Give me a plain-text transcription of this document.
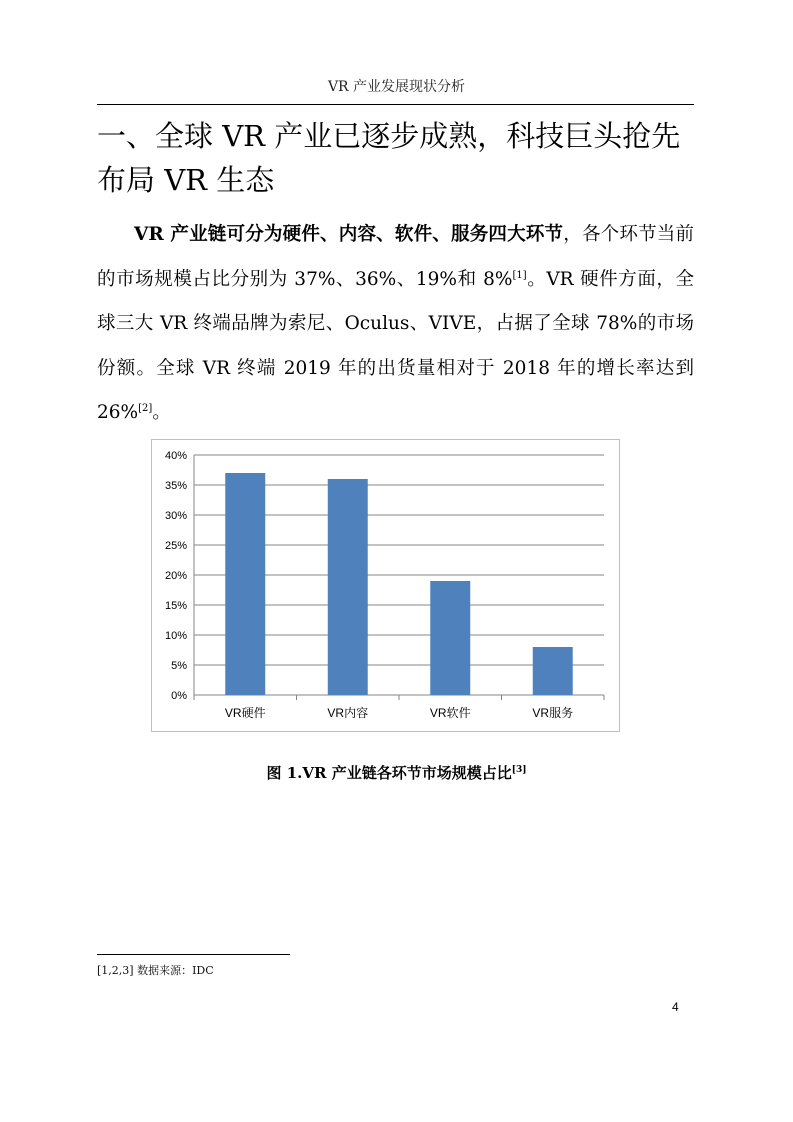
VR 产业发展现状分析
一、全球 VR 产业已逐步成熟，科技巨头抢先布局 VR 生态

VR 产业链可分为硬件、内容、软件、服务四大环节，各个环节当前的市场规模占比分别为 37%、36%、19%和 8%[1]。VR 硬件方面，全球三大 VR 终端品牌为索尼、Oculus、VIVE，占据了全球 78%的市场份额。全球 VR 终端 2019 年的出货量相对于 2018 年的增长率达到 26%[2]。

0%
5%
10%
15%
20%
25%
30%
35%
40%
VR硬件	VR内容	VR软件	VR服务
图 1.VR 产业链各环节市场规模占比[3]
[1,2,3] 数据来源：IDC
4
